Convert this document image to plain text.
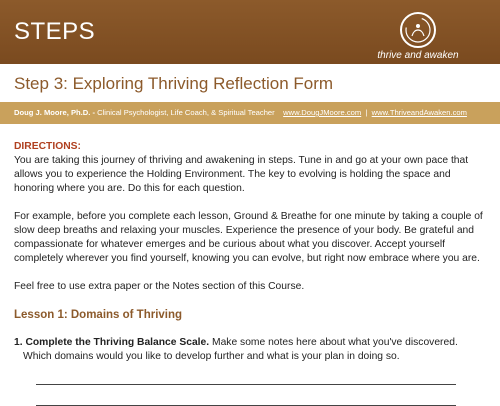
STEPS
thrive and awaken
Step 3: Exploring Thriving Reflection Form
Doug J. Moore, Ph.D. - Clinical Psychologist, Life Coach, & Spiritual Teacher www.DougJMoore.com | www.ThriveandAwaken.com
DIRECTIONS:

You are taking this journey of thriving and awakening in steps. Tune in and go at your own pace that allows you to experience the Holding Environment. The key to evolving is holding the space and honoring where you are. Do this for each question.

For example, before you complete each lesson, Ground & Breathe for one minute by taking a couple of slow deep breaths and relaxing your muscles. Experience the presence of your body. Be grateful and compassionate for whatever emerges and be curious about what you discover. Accept yourself completely wherever you find yourself, knowing you can evolve, but right now embrace where you are.

Feel free to use extra paper or the Notes section of this Course.

Lesson 1: Domains of Thriving
1. Complete the Thriving Balance Scale. Make some notes here about what you've discovered.
Which domains would you like to develop further and what is your plan in doing so.
